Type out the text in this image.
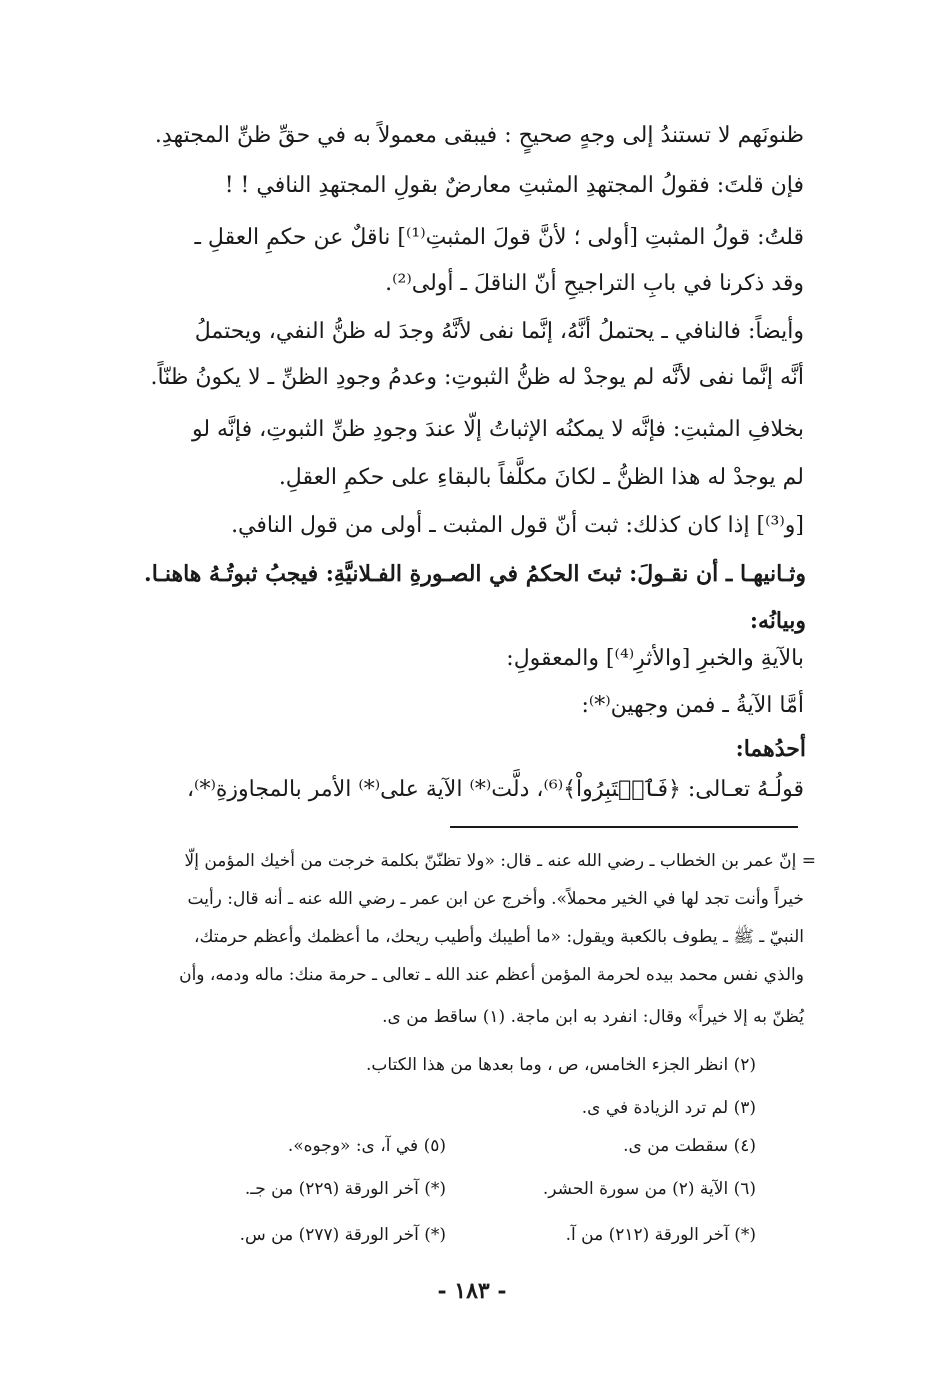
ظنونَهم لا تستندُ إلى وجهٍ صحيحٍ : فيبقى معمولاً به في حقِّ ظنِّ المجتهدِ.
فإن قلتَ: فقولُ المجتهدِ المثبتِ معارضٌ بقولِ المجتهدِ النافي ! !
قلتُ: قولُ المثبتِ [أولى ؛ لأنَّ قولَ المثبتِ⁽¹⁾] ناقلٌ عن حكمِ العقلِ ـ
وقد ذكرنا في بابِ التراجيحِ أنّ الناقلَ ـ أولى⁽²⁾.
وأيضاً: فالنافي ـ يحتملُ أنَّهُ، إنَّما نفى لأنَّهُ وجدَ له ظنُّ النفي، ويحتملُ
أنَّه إنَّما نفى لأنَّه لم يوجدْ له ظنُّ الثبوتِ: وعدمُ وجودِ الظنِّ ـ لا يكونُ ظنّاً.
بخلافِ المثبتِ: فإنَّه لا يمكنُه الإثباتُ إلّا عندَ وجودِ ظنِّ الثبوتِ، فإنَّه لو
لم يوجدْ له هذا الظنُّ ـ لكانَ مكلَّفاً بالبقاءِ على حكمِ العقلِ.
[و⁽³⁾] إذا كان كذلك: ثبت أنّ قول المثبت ـ أولى من قول النافي.
وثـانيهـا ـ أن نقـولَ: ثبتَ الحكمُ في الصـورةِ الفـلانيَّةِ: فيجبُ ثبوتُـهُ هاهنـا.
وبيانُه:
بالآيةِ والخبرِ [والأثرِ⁽⁴⁾] والمعقولِ:
أمَّا الآيةُ ـ فمن وجهين⁽*⁾:
أحدُهما:
قولُـهُ تعـالى: ﴿فَٱعۡتَبِرُواْ﴾⁽⁶⁾، دلَّت⁽*⁾ الآية على⁽*⁾ الأمر بالمجاوزةِ⁽*⁾،
= إنّ عمر بن الخطاب ـ رضي الله عنه ـ قال: «ولا تظنّنّ بكلمة خرجت من أخيك المؤمن إلّا
خيراً وأنت تجد لها في الخير محملاً». وأخرج عن ابن عمر ـ رضي الله عنه ـ أنه قال: رأيت
النبيّ ـ ﷺ ـ يطوف بالكعبة ويقول: «ما أطيبك وأطيب ريحك، ما أعظمك وأعظم حرمتك،
والذي نفس محمد بيده لحرمة المؤمن أعظم عند الله ـ تعالى ـ حرمة منك: ماله ودمه، وأن
يُظنّ به إلا خيراً» وقال: انفرد به ابن ماجة. (١) ساقط من ى.
(٢) انظر الجزء الخامس، ص ، وما بعدها من هذا الكتاب.
(٣) لم ترد الزيادة في ى.
(٤) سقطت من ى.
(٥) في آ، ى: «وجوه».
(٦) الآية (٢) من سورة الحشر.
(*) آخر الورقة (٢٢٩) من جـ.
(*) آخر الورقة (٢١٢) من آ.
(*) آخر الورقة (٢٧٧) من س.
- ١٨٣ -
